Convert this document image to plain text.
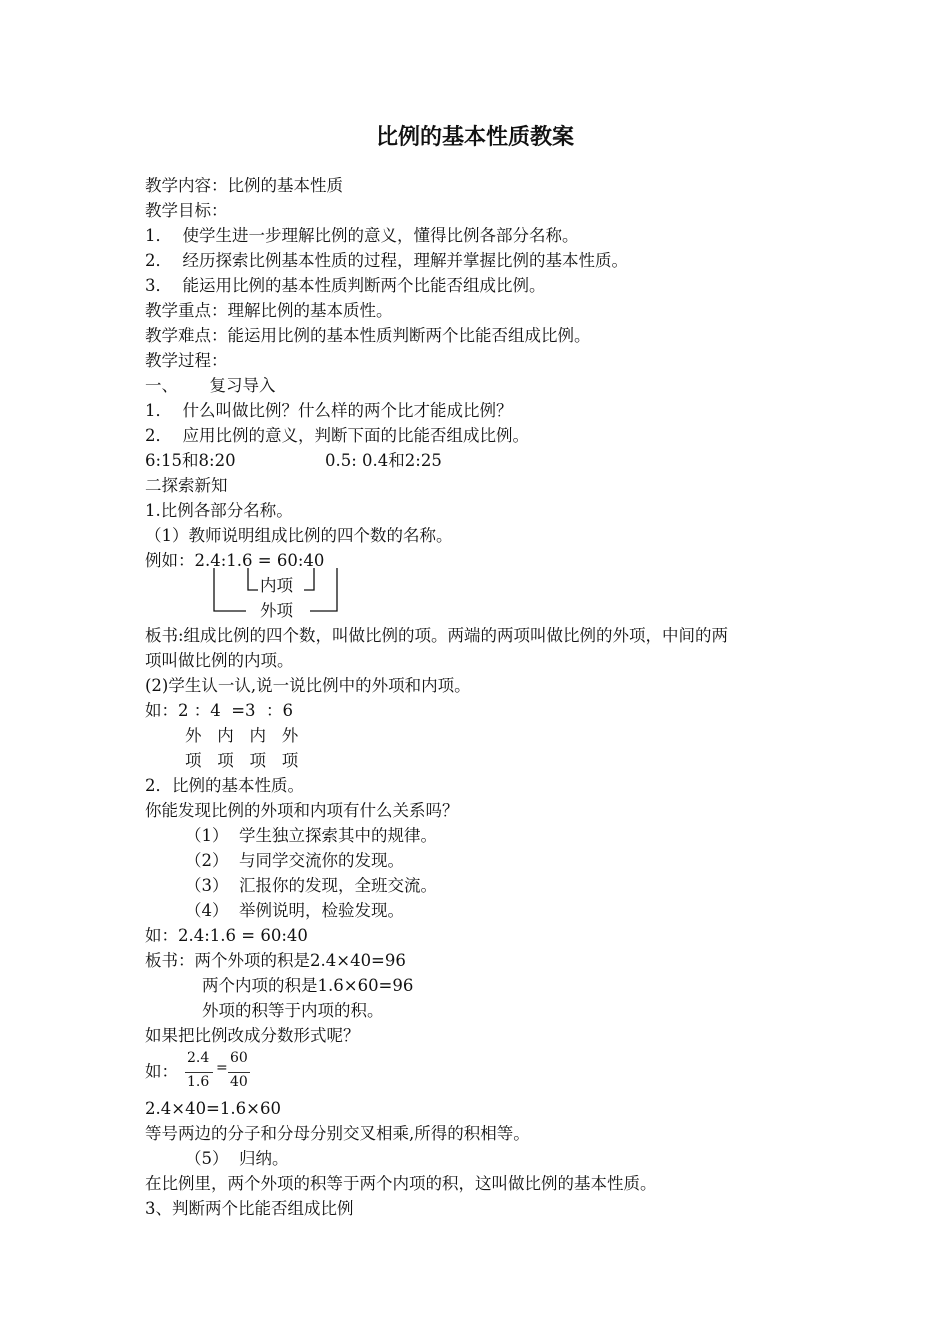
比例的基本性质教案
教学内容：比例的基本性质
教学目标：
1．  使学生进一步理解比例的意义，懂得比例各部分名称。
2．  经历探索比例基本性质的过程，理解并掌握比例的基本性质。
3．  能运用比例的基本性质判断两个比能否组成比例。
教学重点：理解比例的基本质性。
教学难点：能运用比例的基本性质判断两个比能否组成比例。
教学过程：
一、      复习导入
1．  什么叫做比例？什么样的两个比才能成比例？
2．  应用比例的意义，判断下面的比能否组成比例。
6:15和8:20	0.5: 0.4和2:25
二探索新知
1.比例各部分名称。
（1）教师说明组成比例的四个数的名称。
例如：2.4:1.6 = 60:40
内项
外项
板书:组成比例的四个数，叫做比例的项。两端的两项叫做比例的外项，中间的两
项叫做比例的内项。
(2)学生认一认,说一说比例中的外项和内项。
如：2 ：4  =3  ：6
外   内   内   外
项   项   项   项
2．比例的基本性质。
你能发现比例的外项和内项有什么关系吗？
（1）  学生独立探索其中的规律。
（2）  与同学交流你的发现。
（3）  汇报你的发现，全班交流。
（4）  举例说明，检验发现。
如：2.4:1.6 = 60:40
板书：两个外项的积是2.4×40=96
两个内项的积是1.6×60=96
外项的积等于内项的积。
如果把比例改成分数形式呢？
如：
2.4
1.6
=
60
40
2.4×40=1.6×60
等号两边的分子和分母分别交叉相乘,所得的积相等。
（5）  归纳。
在比例里，两个外项的积等于两个内项的积，这叫做比例的基本性质。
3、判断两个比能否组成比例
